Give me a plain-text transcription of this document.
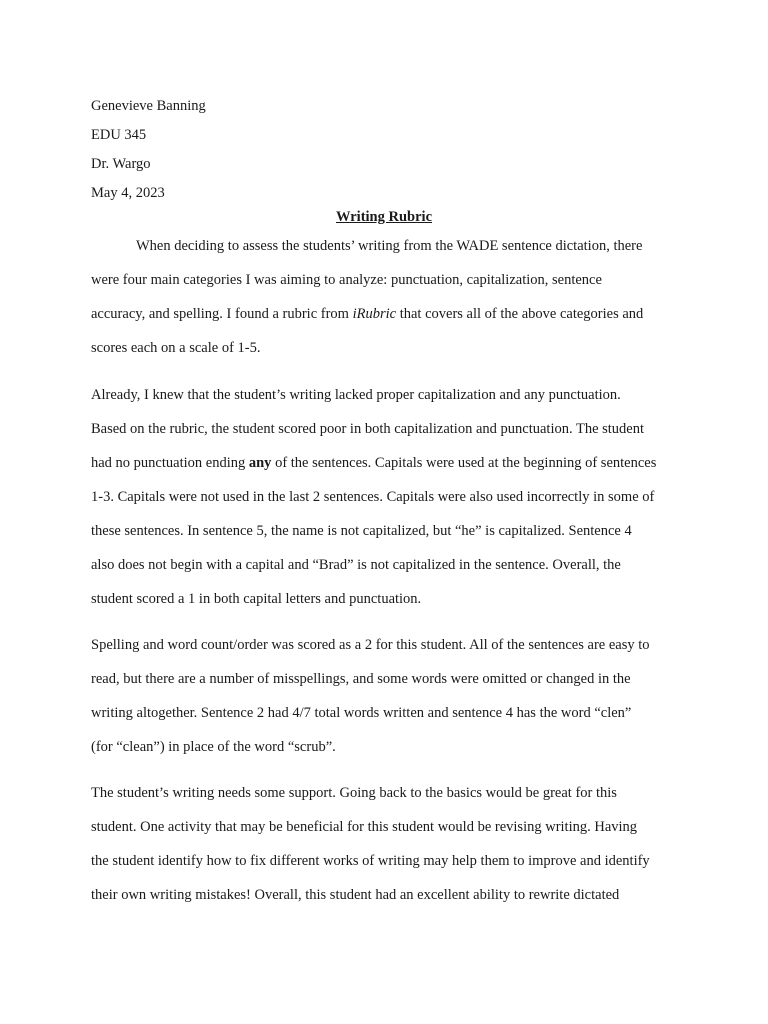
Genevieve Banning
EDU 345
Dr. Wargo
May 4, 2023
Writing Rubric
When deciding to assess the students’ writing from the WADE sentence dictation, there
were four main categories I was aiming to analyze: punctuation, capitalization, sentence
accuracy, and spelling. I found a rubric from iRubric that covers all of the above categories and
scores each on a scale of 1-5.
Already, I knew that the student’s writing lacked proper capitalization and any punctuation.
Based on the rubric, the student scored poor in both capitalization and punctuation. The student
had no punctuation ending any of the sentences. Capitals were used at the beginning of sentences
1-3. Capitals were not used in the last 2 sentences. Capitals were also used incorrectly in some of
these sentences. In sentence 5, the name is not capitalized, but “he” is capitalized. Sentence 4
also does not begin with a capital and “Brad” is not capitalized in the sentence. Overall, the
student scored a 1 in both capital letters and punctuation.
Spelling and word count/order was scored as a 2 for this student. All of the sentences are easy to
read, but there are a number of misspellings, and some words were omitted or changed in the
writing altogether. Sentence 2 had 4/7 total words written and sentence 4 has the word “clen”
(for “clean”) in place of the word “scrub”.
The student’s writing needs some support. Going back to the basics would be great for this
student. One activity that may be beneficial for this student would be revising writing. Having
the student identify how to fix different works of writing may help them to improve and identify
their own writing mistakes! Overall, this student had an excellent ability to rewrite dictated
